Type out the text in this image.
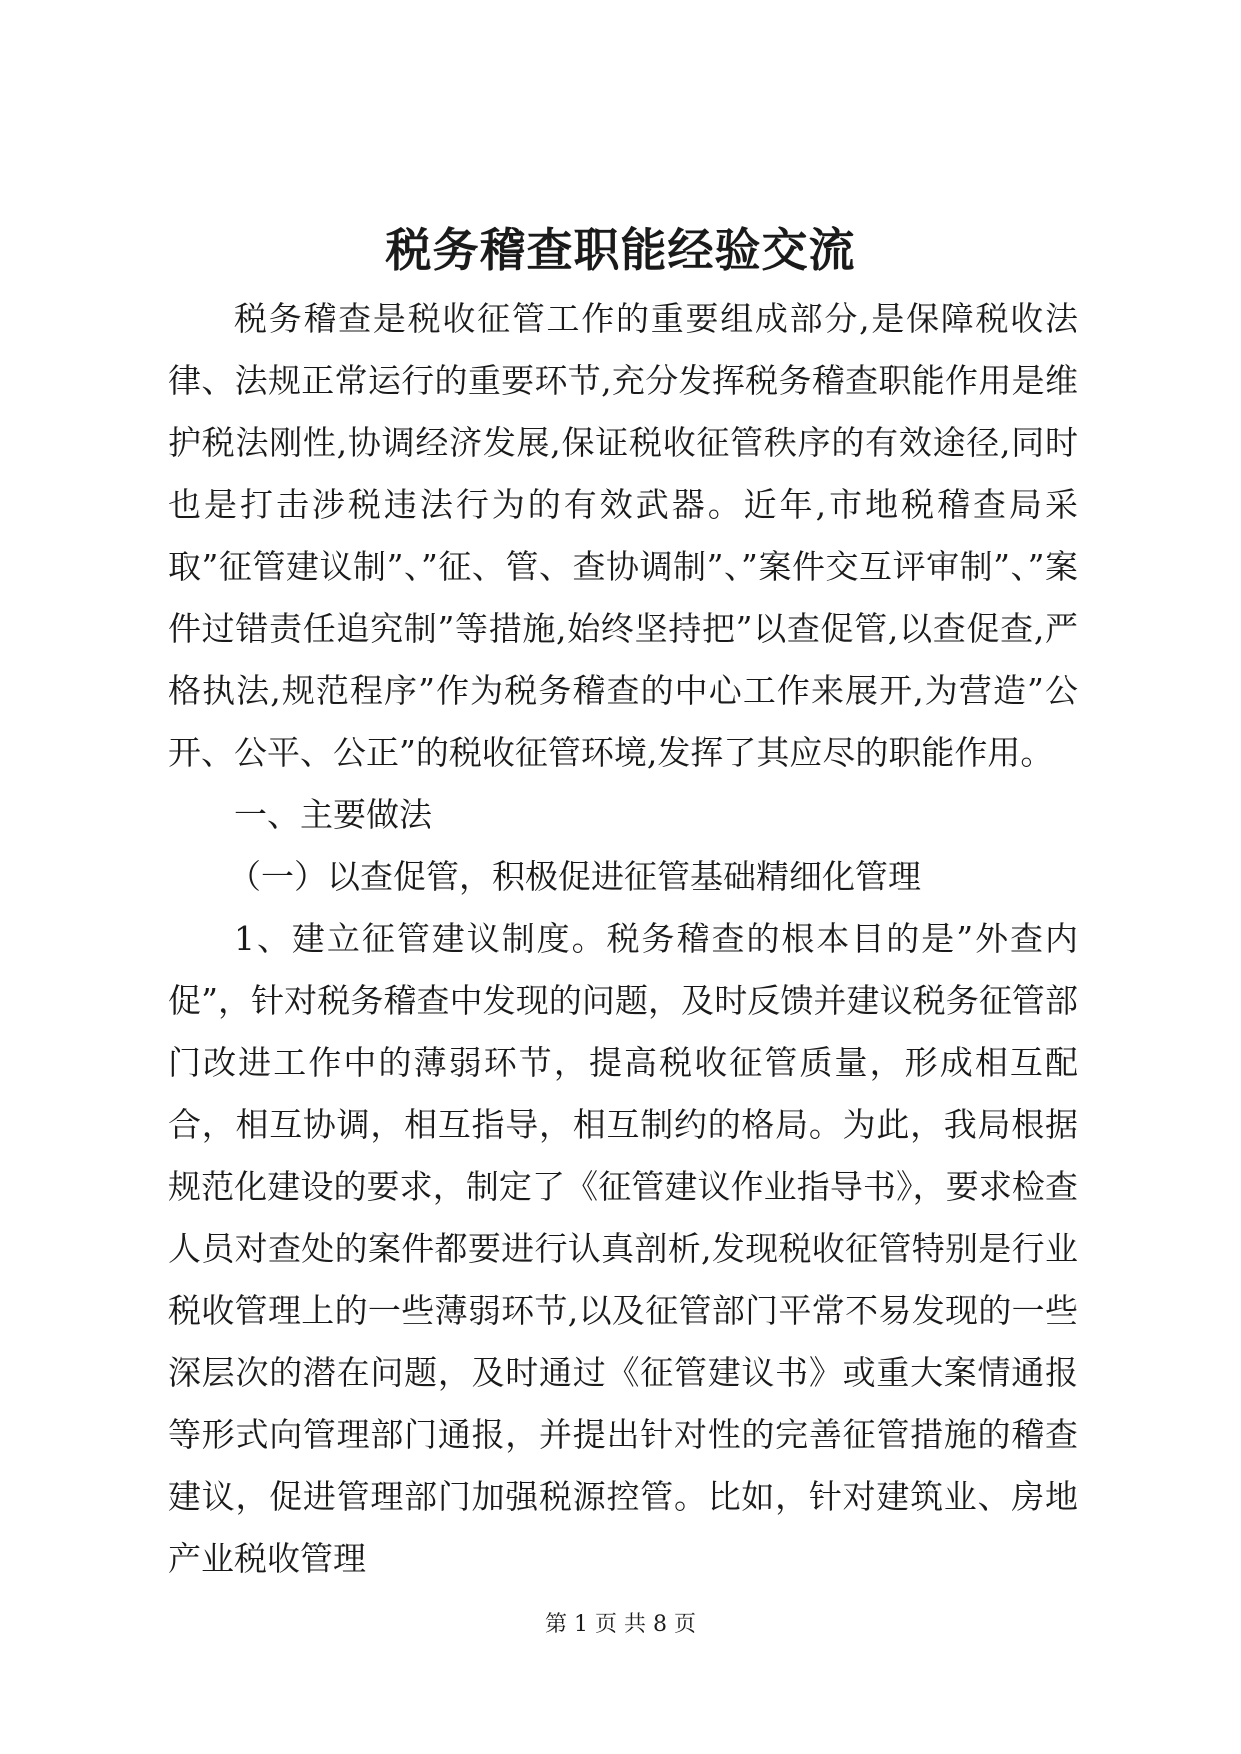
税务稽查职能经验交流

税务稽查是税收征管工作的重要组成部分,是保障税收法律、法规正常运行的重要环节,充分发挥税务稽查职能作用是维护税法刚性,协调经济发展,保证税收征管秩序的有效途径,同时也是打击涉税违法行为的有效武器。近年,市地税稽查局采取”征管建议制”、”征、管、查协调制”、”案件交互评审制”、”案件过错责任追究制”等措施,始终坚持把”以查促管,以查促查,严格执法,规范程序”作为税务稽查的中心工作来展开,为营造”公开、公平、公正”的税收征管环境,发挥了其应尽的职能作用。

一、主要做法

（一）以查促管，积极促进征管基础精细化管理

1、建立征管建议制度。税务稽查的根本目的是”外查内促”，针对税务稽查中发现的问题，及时反馈并建议税务征管部门改进工作中的薄弱环节，提高税收征管质量，形成相互配合，相互协调，相互指导，相互制约的格局。为此，我局根据规范化建设的要求，制定了《征管建议作业指导书》，要求检查人员对查处的案件都要进行认真剖析,发现税收征管特别是行业税收管理上的一些薄弱环节,以及征管部门平常不易发现的一些深层次的潜在问题，及时通过《征管建议书》或重大案情通报等形式向管理部门通报，并提出针对性的完善征管措施的稽查建议，促进管理部门加强税源控管。比如，针对建筑业、房地产业税收管理

第 1 页 共 8 页
